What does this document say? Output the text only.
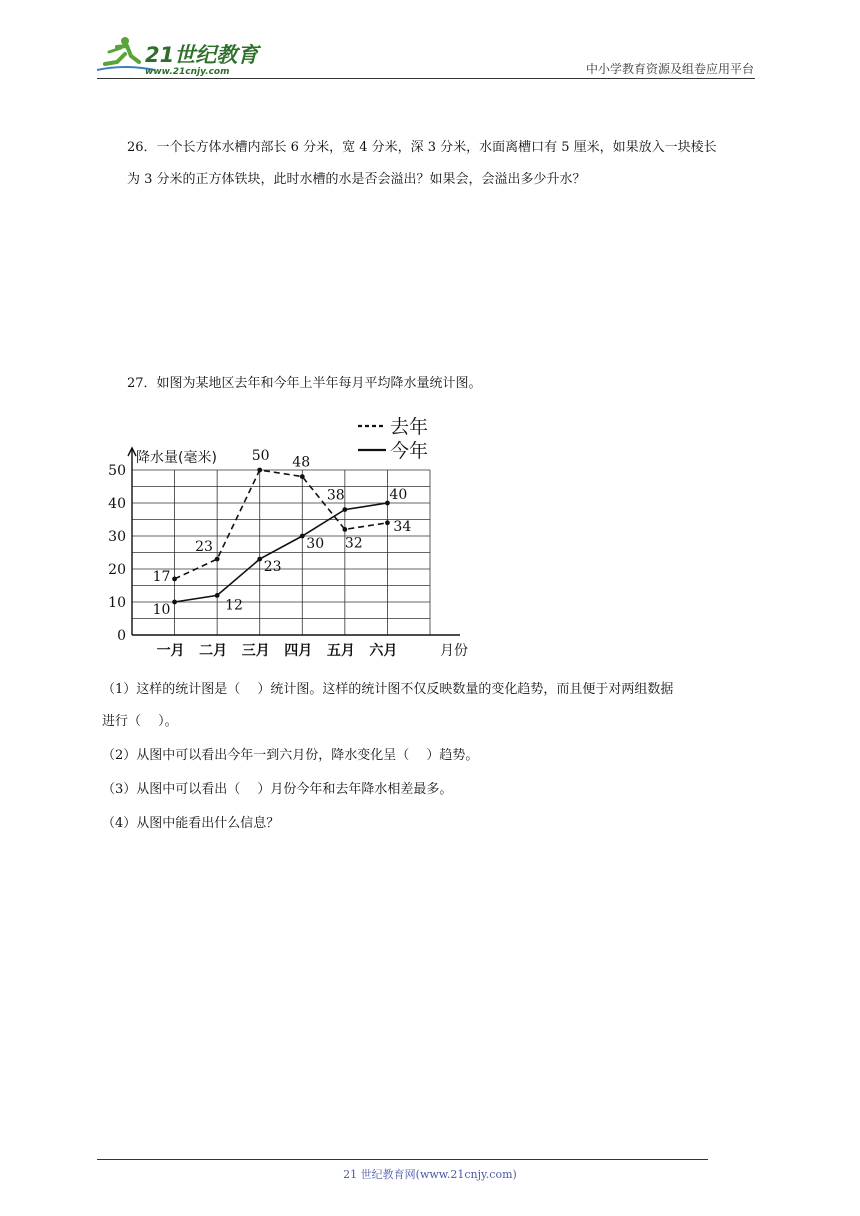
21世纪教育
www.21cnjy.com	中小学教育资源及组卷应用平台
26．一个长方体水槽内部长 6 分米，宽 4 分米，深 3 分米，水面离槽口有 5 厘米，如果放入一块棱长
为 3 分米的正方体铁块，此时水槽的水是否会溢出？如果会，会溢出多少升水？
27．如图为某地区去年和今年上半年每月平均降水量统计图。
0
10
20
30
40
50
降水量(毫米)
一月 二月 三月 四月 五月 六月	月份
去年
今年
17
23
50 48
32
34
10	12
23
30
38	40
（1）这样的统计图是（　 ）统计图。这样的统计图不仅反映数量的变化趋势，而且便于对两组数据
进行（　 ）。
（2）从图中可以看出今年一到六月份，降水变化呈（　 ）趋势。
（3）从图中可以看出（　 ）月份今年和去年降水相差最多。
（4）从图中能看出什么信息？
21 世纪教育网(www.21cnjy.com)
